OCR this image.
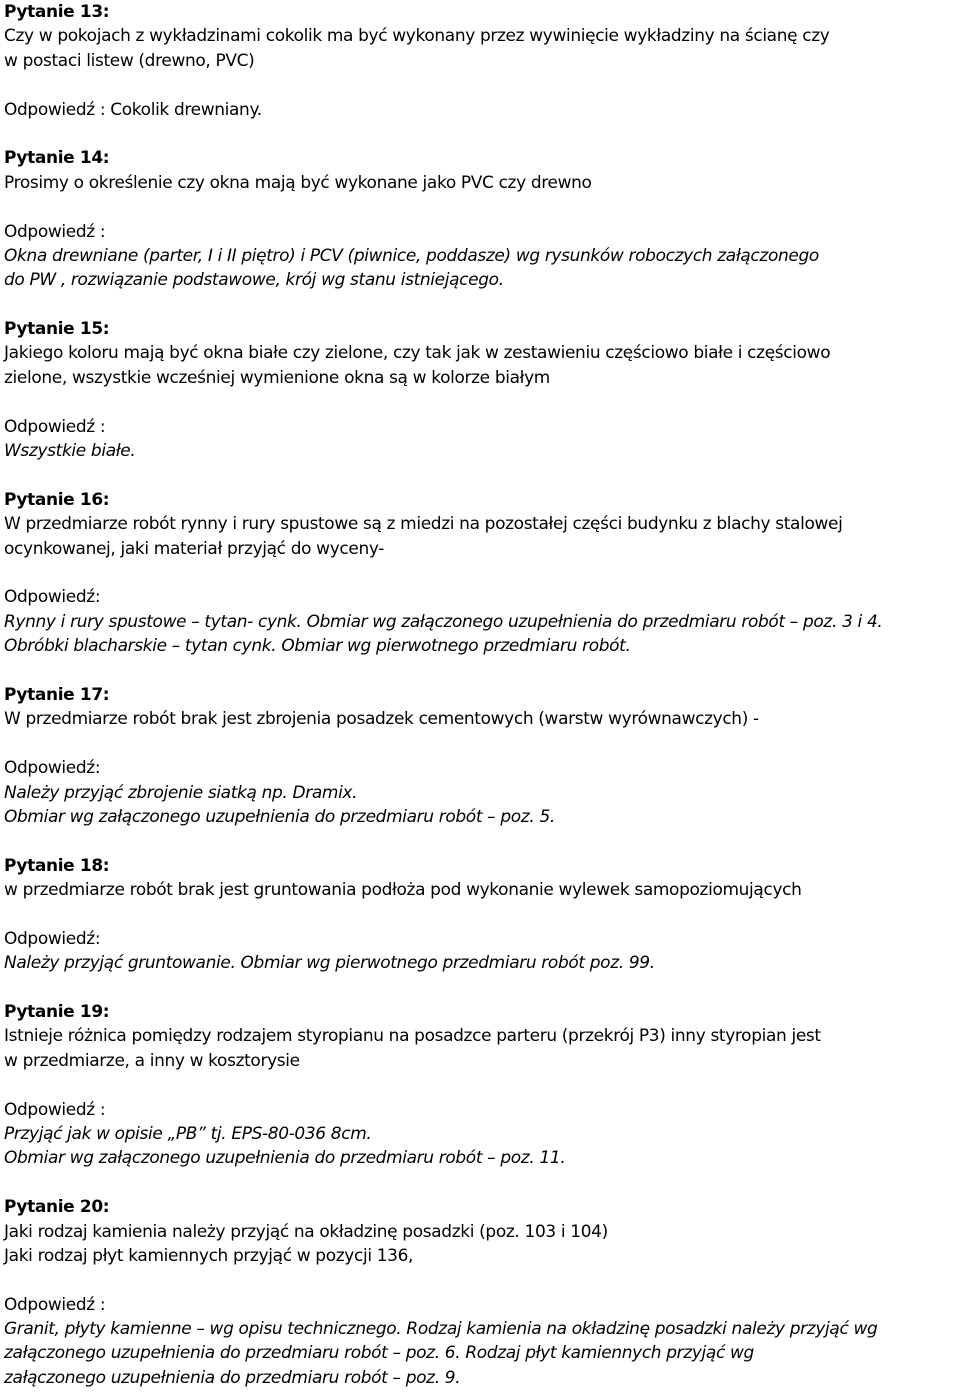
Pytanie 13:
Czy w pokojach z wykładzinami cokolik ma być wykonany przez wywinięcie wykładziny na ścianę czy
w postaci listew (drewno, PVC)
Odpowiedź : Cokolik drewniany.
Pytanie 14:
Prosimy o określenie czy okna mają być wykonane jako PVC czy drewno
Odpowiedź :
Okna drewniane (parter, I i II piętro) i PCV (piwnice, poddasze) wg rysunków roboczych załączonego
do PW , rozwiązanie podstawowe, krój wg stanu istniejącego.
Pytanie 15:
Jakiego koloru mają być okna białe czy zielone, czy tak jak w zestawieniu częściowo białe i częściowo
zielone, wszystkie wcześniej wymienione okna są w kolorze białym
Odpowiedź :
Wszystkie białe.
Pytanie 16:
W przedmiarze robót rynny i rury spustowe są z miedzi na pozostałej części budynku z blachy stalowej
ocynkowanej, jaki materiał przyjąć do wyceny-
Odpowiedź:
Rynny i rury spustowe – tytan- cynk. Obmiar wg załączonego uzupełnienia do przedmiaru robót – poz. 3 i 4.
Obróbki blacharskie – tytan cynk. Obmiar wg pierwotnego przedmiaru robót.
Pytanie 17:
W przedmiarze robót brak jest zbrojenia posadzek cementowych (warstw wyrównawczych) -
Odpowiedź:
Należy przyjąć zbrojenie siatką np. Dramix.
Obmiar wg załączonego uzupełnienia do przedmiaru robót – poz. 5.
Pytanie 18:
w przedmiarze robót brak jest gruntowania podłoża pod wykonanie wylewek samopoziomujących
Odpowiedź:
Należy przyjąć gruntowanie. Obmiar wg pierwotnego przedmiaru robót poz. 99.
Pytanie 19:
Istnieje różnica pomiędzy rodzajem styropianu na posadzce parteru (przekrój P3) inny styropian jest
w przedmiarze, a inny w kosztorysie
Odpowiedź :
Przyjąć jak w opisie „PB” tj. EPS-80-036 8cm.
Obmiar wg załączonego uzupełnienia do przedmiaru robót – poz. 11.
Pytanie 20:
Jaki rodzaj kamienia należy przyjąć na okładzinę posadzki (poz. 103 i 104)
Jaki rodzaj płyt kamiennych przyjąć w pozycji 136,
Odpowiedź :
Granit, płyty kamienne – wg opisu technicznego. Rodzaj kamienia na okładzinę posadzki należy przyjąć wg
załączonego uzupełnienia do przedmiaru robót – poz. 6. Rodzaj płyt kamiennych przyjąć wg
załączonego uzupełnienia do przedmiaru robót – poz. 9.
